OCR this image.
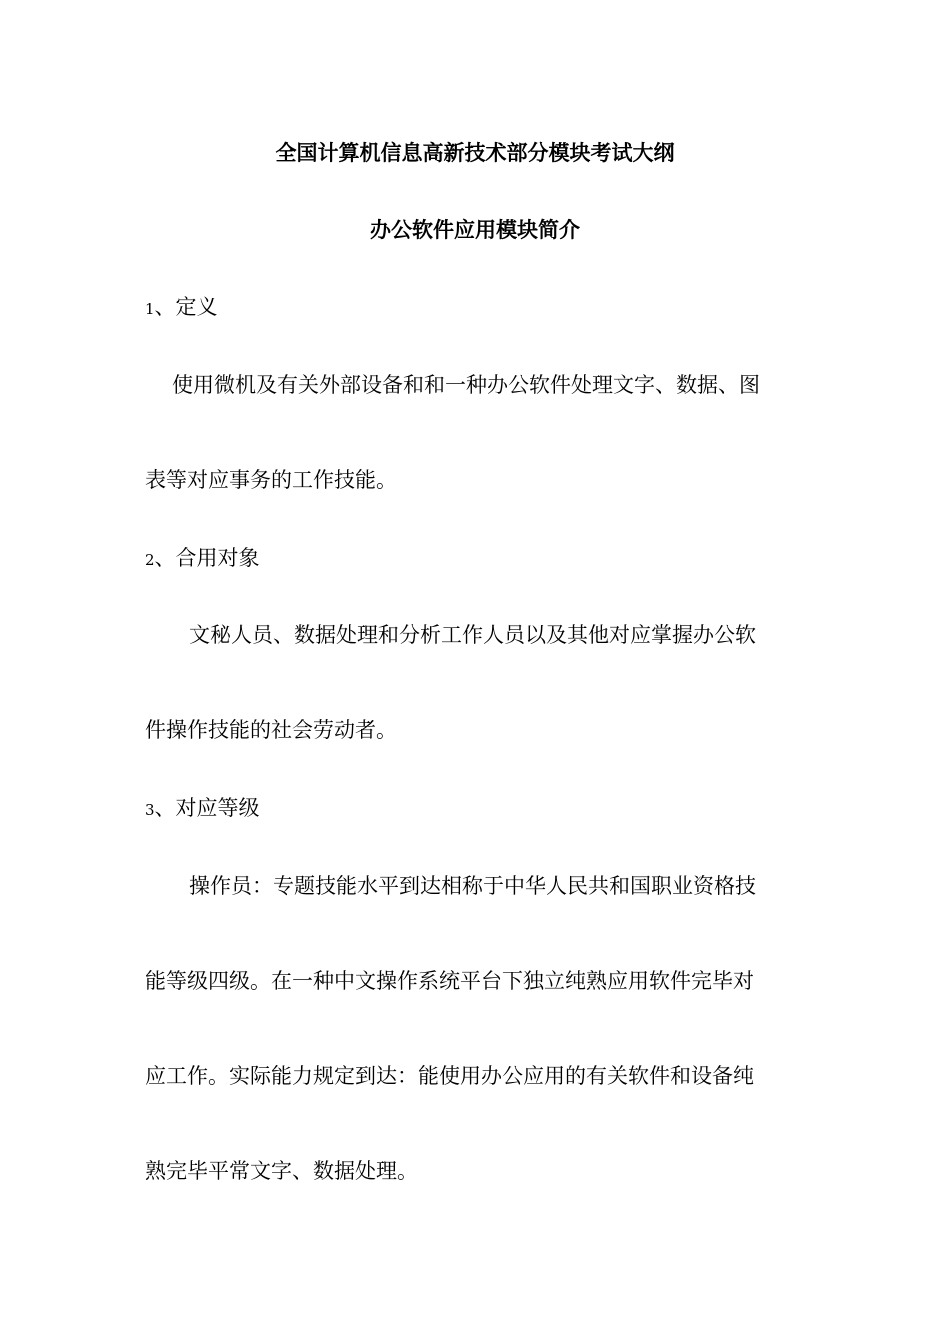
全国计算机信息高新技术部分模块考试大纲
办公软件应用模块简介
1、定义
使用微机及有关外部设备和和一种办公软件处理文字、数据、图
表等对应事务的工作技能。
2、合用对象
文秘人员、数据处理和分析工作人员以及其他对应掌握办公软
件操作技能的社会劳动者。
3、对应等级
操作员：专题技能水平到达相称于中华人民共和国职业资格技
能等级四级。在一种中文操作系统平台下独立纯熟应用软件完毕对
应工作。实际能力规定到达：能使用办公应用的有关软件和设备纯
熟完毕平常文字、数据处理。
